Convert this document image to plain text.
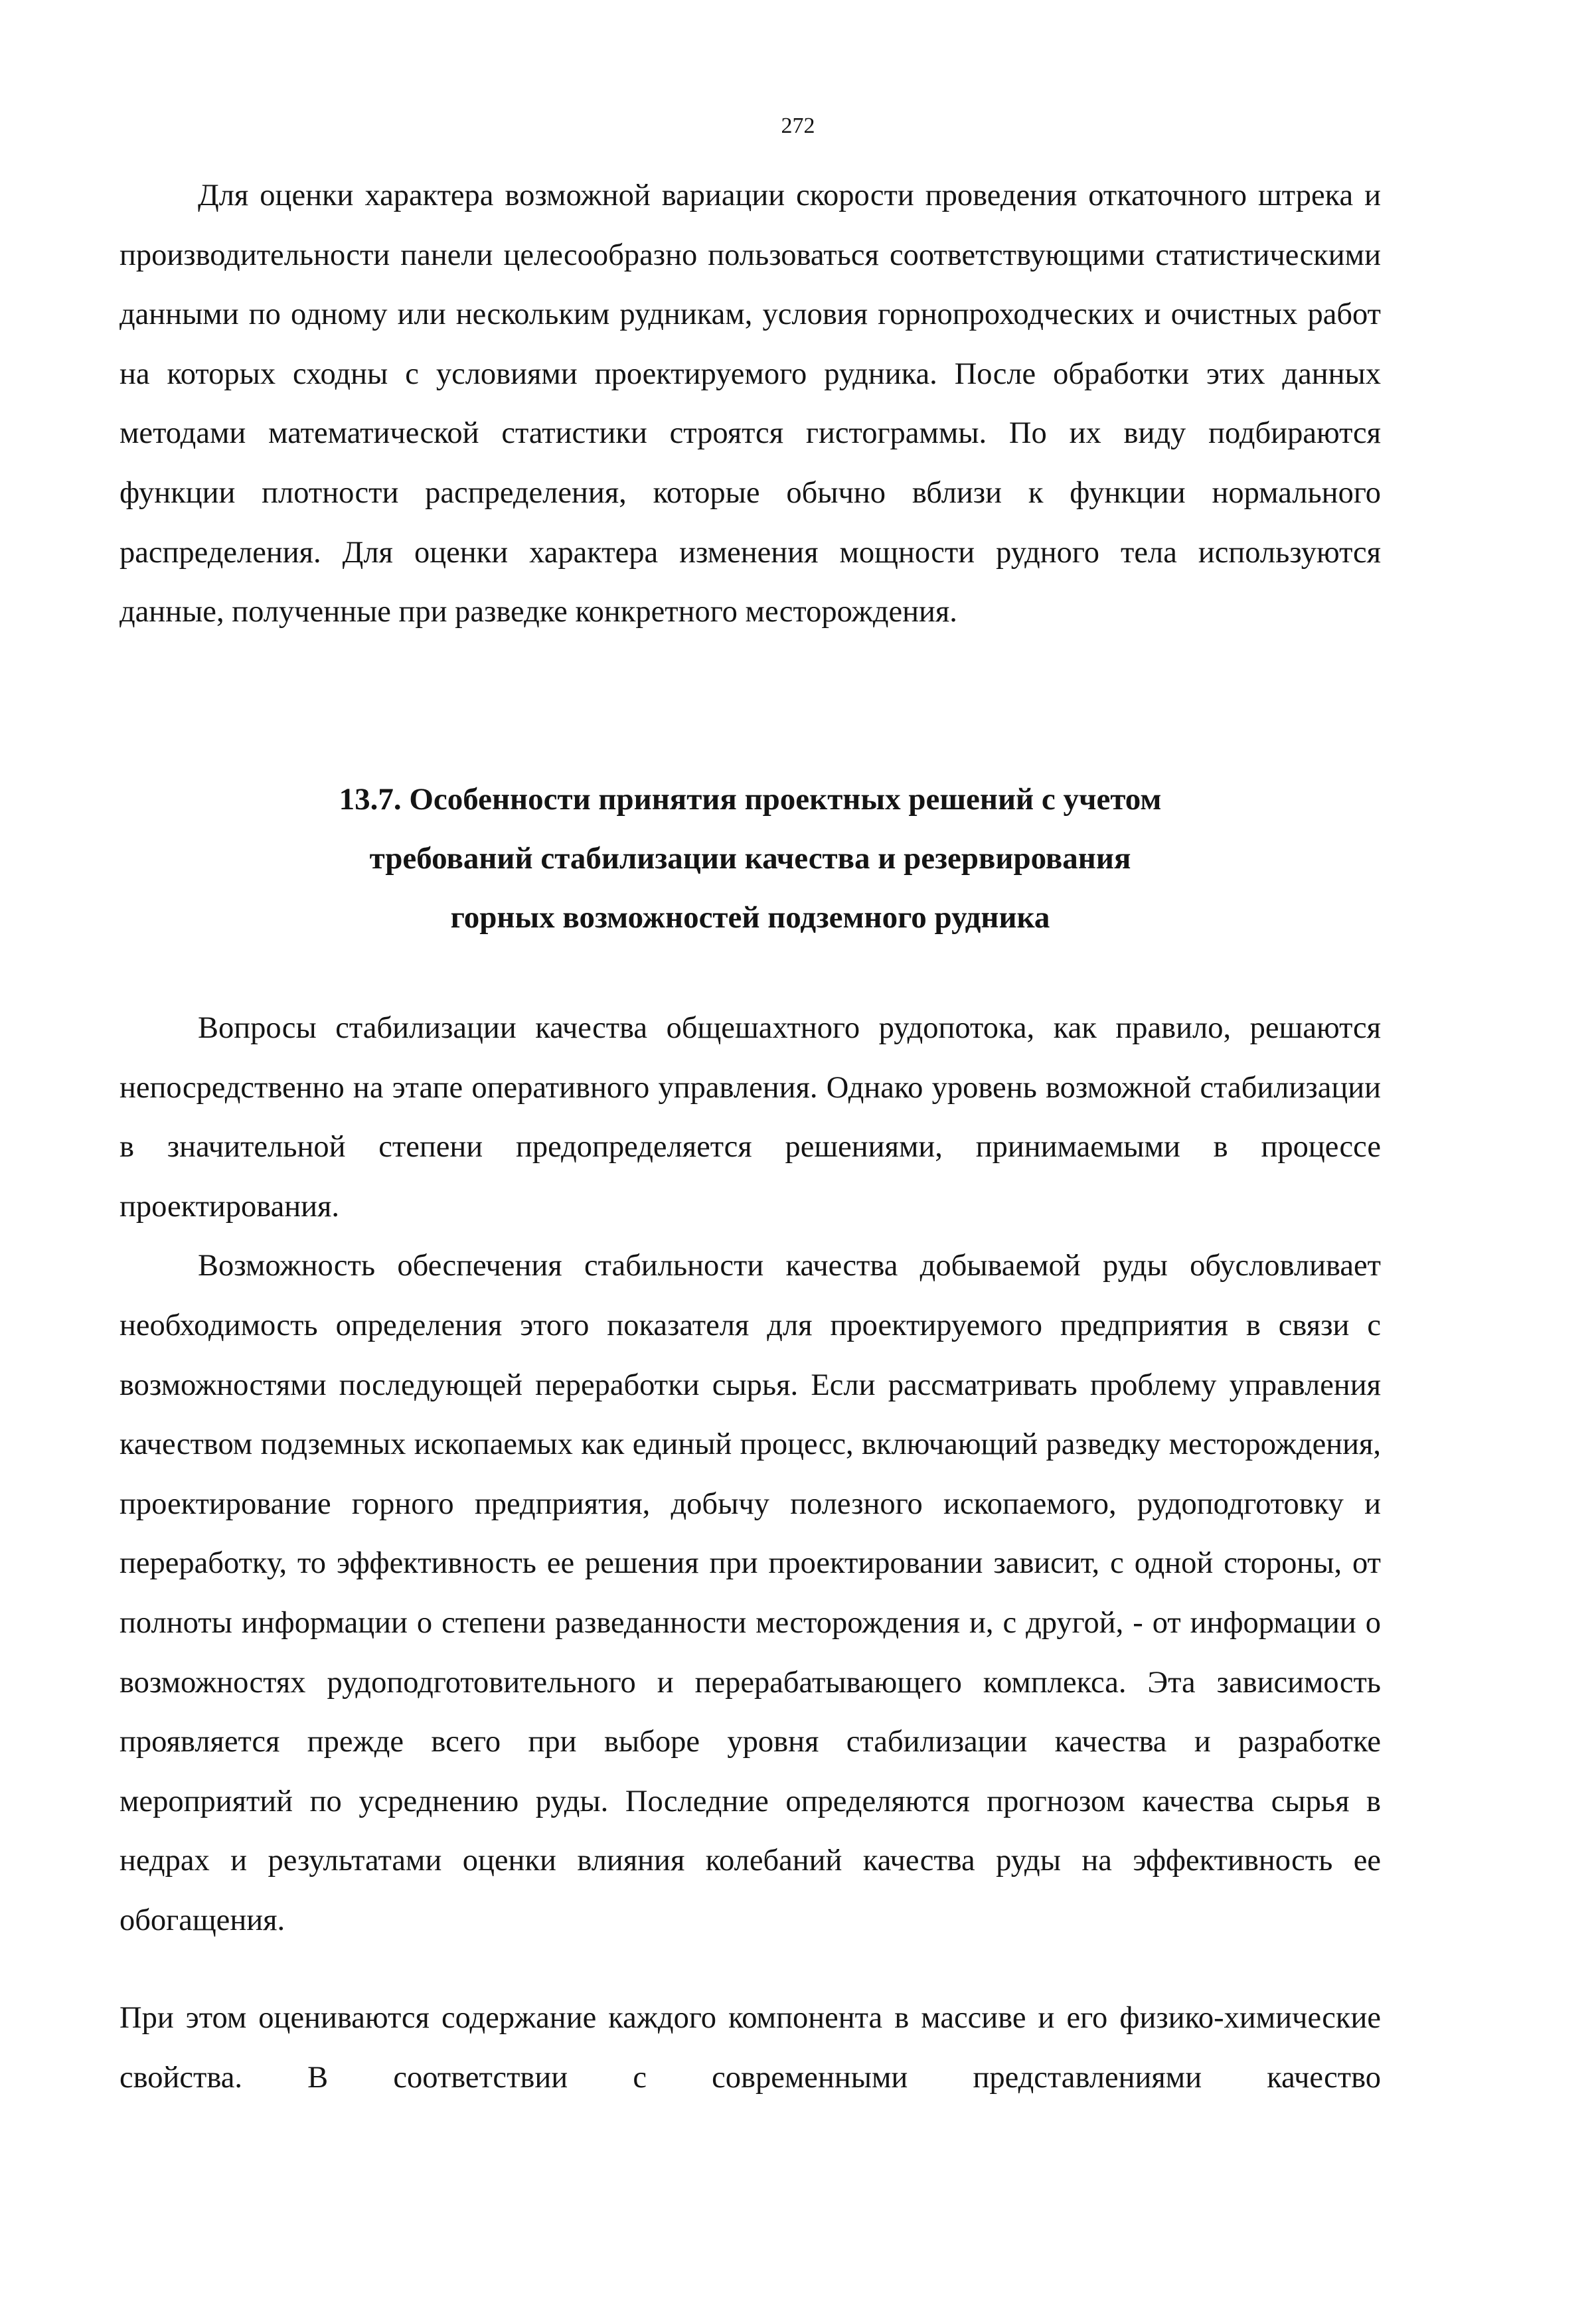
272

Для оценки характера возможной вариации скорости проведения откаточного штрека и производительности панели целесообразно пользоваться соответствующими статистическими данными по одному или нескольким рудникам, условия горнопроходческих и очистных работ на которых сходны с условиями проектируемого рудника. После обработки этих данных методами математической статистики строятся гистограммы. По их виду подбираются функции плотности распределения, которые обычно вблизи к функции нормального распределения. Для оценки характера изменения мощности рудного тела используются данные, полученные при разведке конкретного месторождения.

13.7. Особенности принятия проектных решений с учетом
требований стабилизации качества и резервирования
горных возможностей подземного рудника

Вопросы стабилизации качества общешахтного рудопотока, как правило, решаются непосредственно на этапе оперативного управления. Однако уровень возможной стабилизации в значительной степени предопределяется решениями, принимаемыми в процессе проектирования.

Возможность обеспечения стабильности качества добываемой руды обусловливает необходимость определения этого показателя для проектируемого предприятия в связи с возможностями последующей переработки сырья. Если рассматривать проблему управления качеством подземных ископаемых как единый процесс, включающий разведку месторождения, проектирование горного предприятия, добычу полезного ископаемого, рудоподготовку и переработку, то эффективность ее решения при проектировании зависит, с одной стороны, от полноты информации о степени разведанности месторождения и, с другой, - от информации о возможностях рудоподготовительного и перерабатывающего комплекса. Эта зависимость проявляется прежде всего при выборе уровня стабилизации качества и разработке мероприятий по усреднению руды. Последние определяются прогнозом качества сырья в недрах и результатами оценки влияния колебаний качества руды на эффективность ее обогащения.

При этом оцениваются содержание каждого компонента в массиве и его физико-химические свойства. В соответствии с современными представлениями качество
